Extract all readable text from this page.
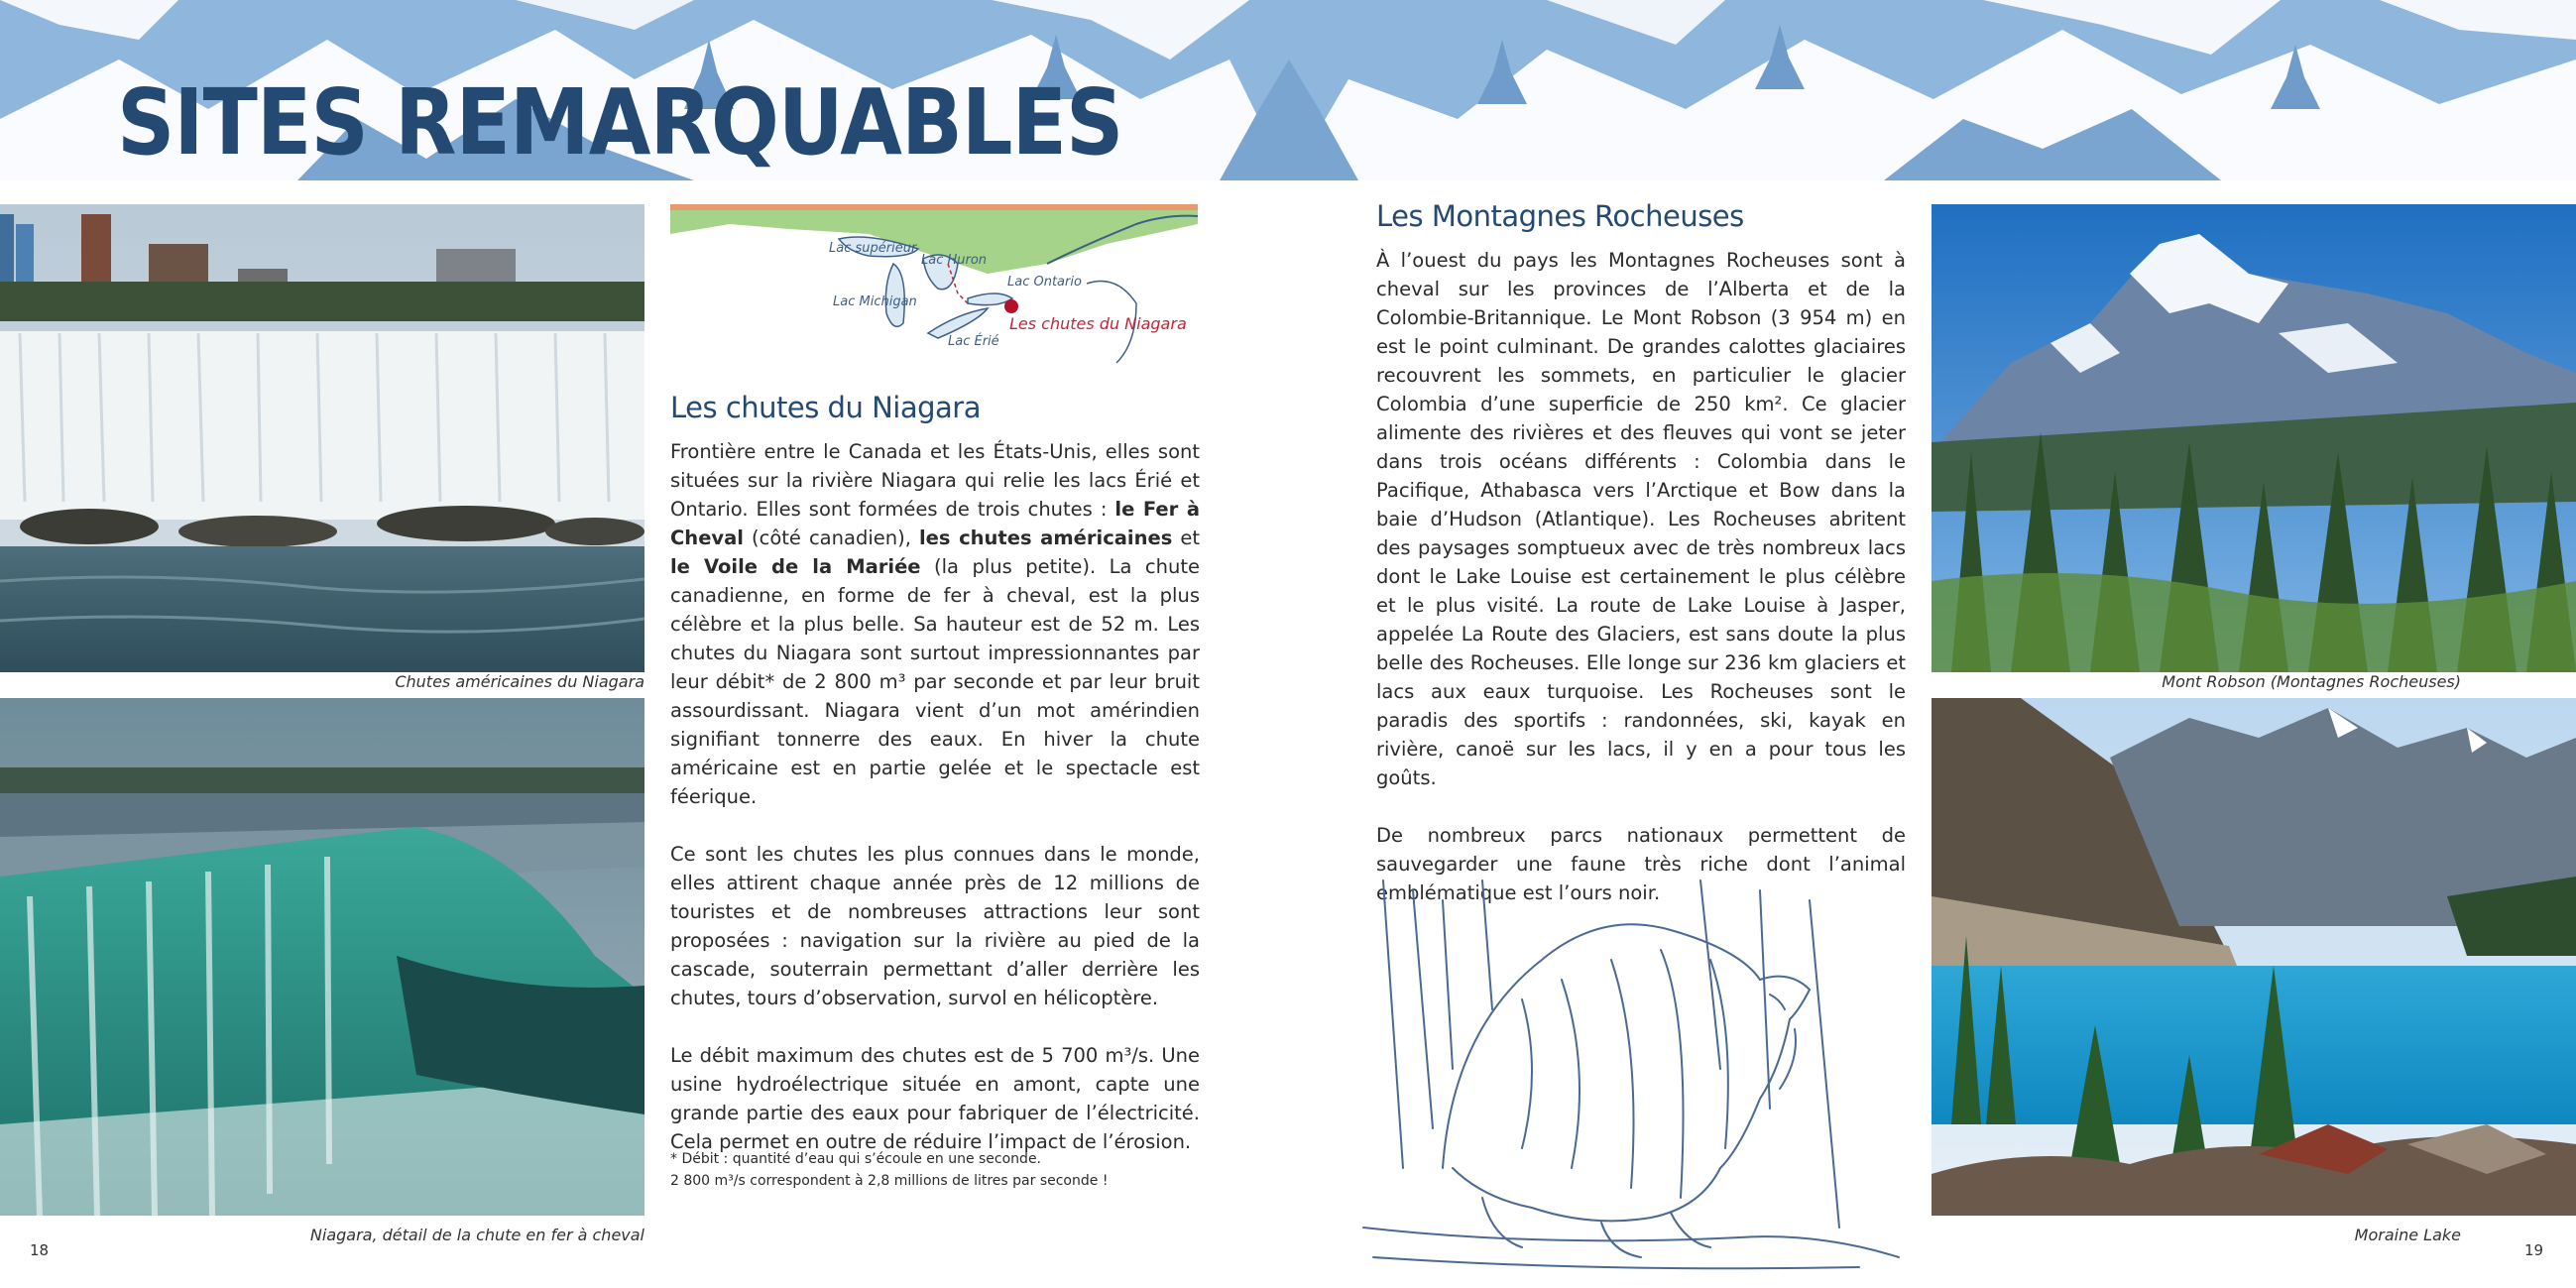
SITES REMARQUABLES
Chutes américaines du Niagara
Niagara, détail de la chute en fer à cheval
Lac supérieur
Lac Huron
Lac Ontario
Lac Michigan
Lac Érié
Les chutes du Niagara
Les chutes du Niagara

Frontière entre le Canada et les États-Unis, elles sont situées sur la rivière Niagara qui relie les lacs Érié et Ontario. Elles sont formées de trois chutes : le Fer à Cheval (côté canadien), les chutes américaines et le Voile de la Mariée (la plus petite). La chute canadienne, en forme de fer à cheval, est la plus célèbre et la plus belle. Sa hauteur est de 52 m. Les chutes du Niagara sont surtout impressionnantes par leur débit* de 2 800 m³ par seconde et par leur bruit assourdissant. Niagara vient d’un mot amérindien signifiant tonnerre des eaux. En hiver la chute américaine est en partie gelée et le spectacle est féerique.

Ce sont les chutes les plus connues dans le monde, elles attirent chaque année près de 12 millions de touristes et de nombreuses attractions leur sont proposées : navigation sur la rivière au pied de la cascade, souterrain permettant d’aller derrière les chutes, tours d’observation, survol en hélicoptère.

Le débit maximum des chutes est de 5 700 m³/s. Une usine hydroélectrique située en amont, capte une grande partie des eaux pour fabriquer de l’électricité. Cela permet en outre de réduire l’impact de l’érosion.

* Débit : quantité d’eau qui s’écoule en une seconde.
2 800 m³/s correspondent à 2,8 millions de litres par seconde !
18
Les Montagnes Rocheuses

À l’ouest du pays les Montagnes Rocheuses sont à cheval sur les provinces de l’Alberta et de la Colombie-Britannique. Le Mont Robson (3 954 m) en est le point culminant. De grandes calottes glaciaires recouvrent les sommets, en particulier le glacier Colombia d’une superficie de 250 km². Ce glacier alimente des rivières et des fleuves qui vont se jeter dans trois océans différents : Colombia dans le Pacifique, Athabasca vers l’Arctique et Bow dans la baie d’Hudson (Atlantique). Les Rocheuses abritent des paysages somptueux avec de très nombreux lacs dont le Lake Louise est certainement le plus célèbre et le plus visité. La route de Lake Louise à Jasper, appelée La Route des Glaciers, est sans doute la plus belle des Rocheuses. Elle longe sur 236 km glaciers et lacs aux eaux turquoise. Les Rocheuses sont le paradis des sportifs : randonnées, ski, kayak en rivière, canoë sur les lacs, il y en a pour tous les goûts.

De nombreux parcs nationaux permettent de sauvegarder une faune très riche dont l’animal emblématique est l’ours noir.

Mont Robson (Montagnes Rocheuses)
Moraine Lake
19
